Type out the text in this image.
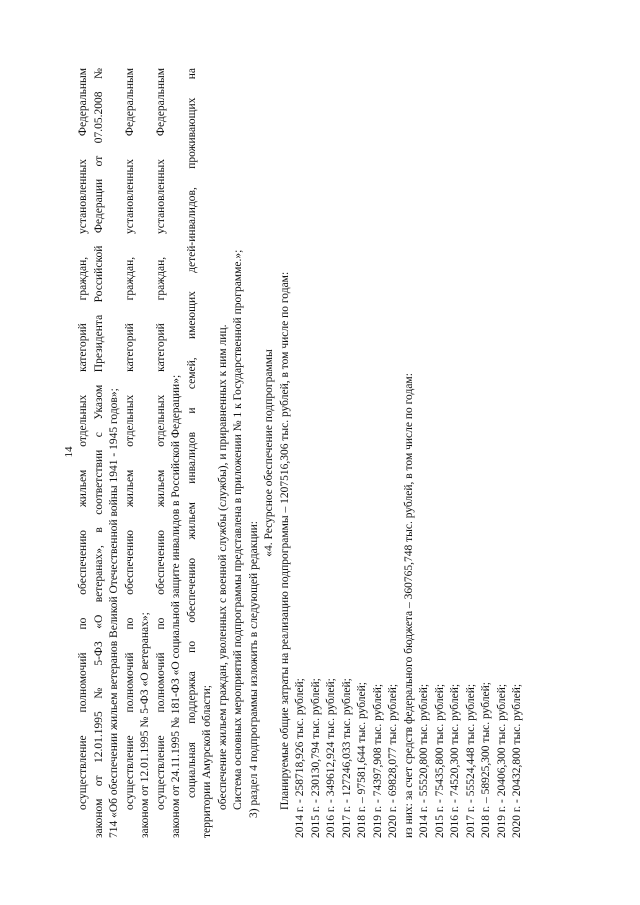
14 осуществление полномочий по обеспечению жильем отдельных категорий граждан, установленных Федеральным законом от 12.01.1995 № 5-ФЗ «О ветеранах», в соответствии с Указом Президента Российской Федерации от 07.05.2008 № 714 «Об обеспечении жильем ветеранов Великой Отечественной войны 1941 - 1945 годов»; осуществление полномочий по обеспечению жильем отдельных категорий граждан, установленных Федеральным законом от 12.01.1995 № 5-ФЗ «О ветеранах»; осуществление полномочий по обеспечению жильем отдельных категорий граждан, установленных Федеральным законом от 24.11.1995 № 181-ФЗ «О социальной защите инвалидов в Российской Федерации»; социальная поддержка по обеспечению жильем инвалидов и семей, имеющих детей-инвалидов, проживающих на территории Амурской области; обеспечение жильем граждан, уволенных с военной службы (службы), и приравненных к ним лиц. Система основных мероприятий подпрограммы представлена в приложении № 1 к Государственной программе.»; 3) раздел 4 подпрограммы изложить в следующей редакции:
«4. Ресурсное обеспечение подпрограммы Планируемые общие затраты на реализацию подпрограммы – 1207516,306 тыс. рублей, в том числе по годам: 2014 г. - 258718,926 тыс. рублей; 2015 г. - 230130,794 тыс. рублей; 2016 г. - 349612,924 тыс. рублей; 2017 г. - 127246,033 тыс. рублей; 2018 г. – 97581,644 тыс. рублей; 2019 г. - 74397,908 тыс. рублей; 2020 г. - 69828,077 тыс. рублей; из них: за счет средств федерального бюджета – 360765,748 тыс. рублей, в том числе по годам: 2014 г. - 55520,800 тыс. рублей; 2015 г. - 75435,800 тыс. рублей; 2016 г. - 74520,300 тыс. рублей; 2017 г. - 55524,448 тыс. рублей; 2018 г. – 58925,300 тыс. рублей; 2019 г. - 20406,300 тыс. рублей; 2020 г. - 20432,800 тыс. рублей;
